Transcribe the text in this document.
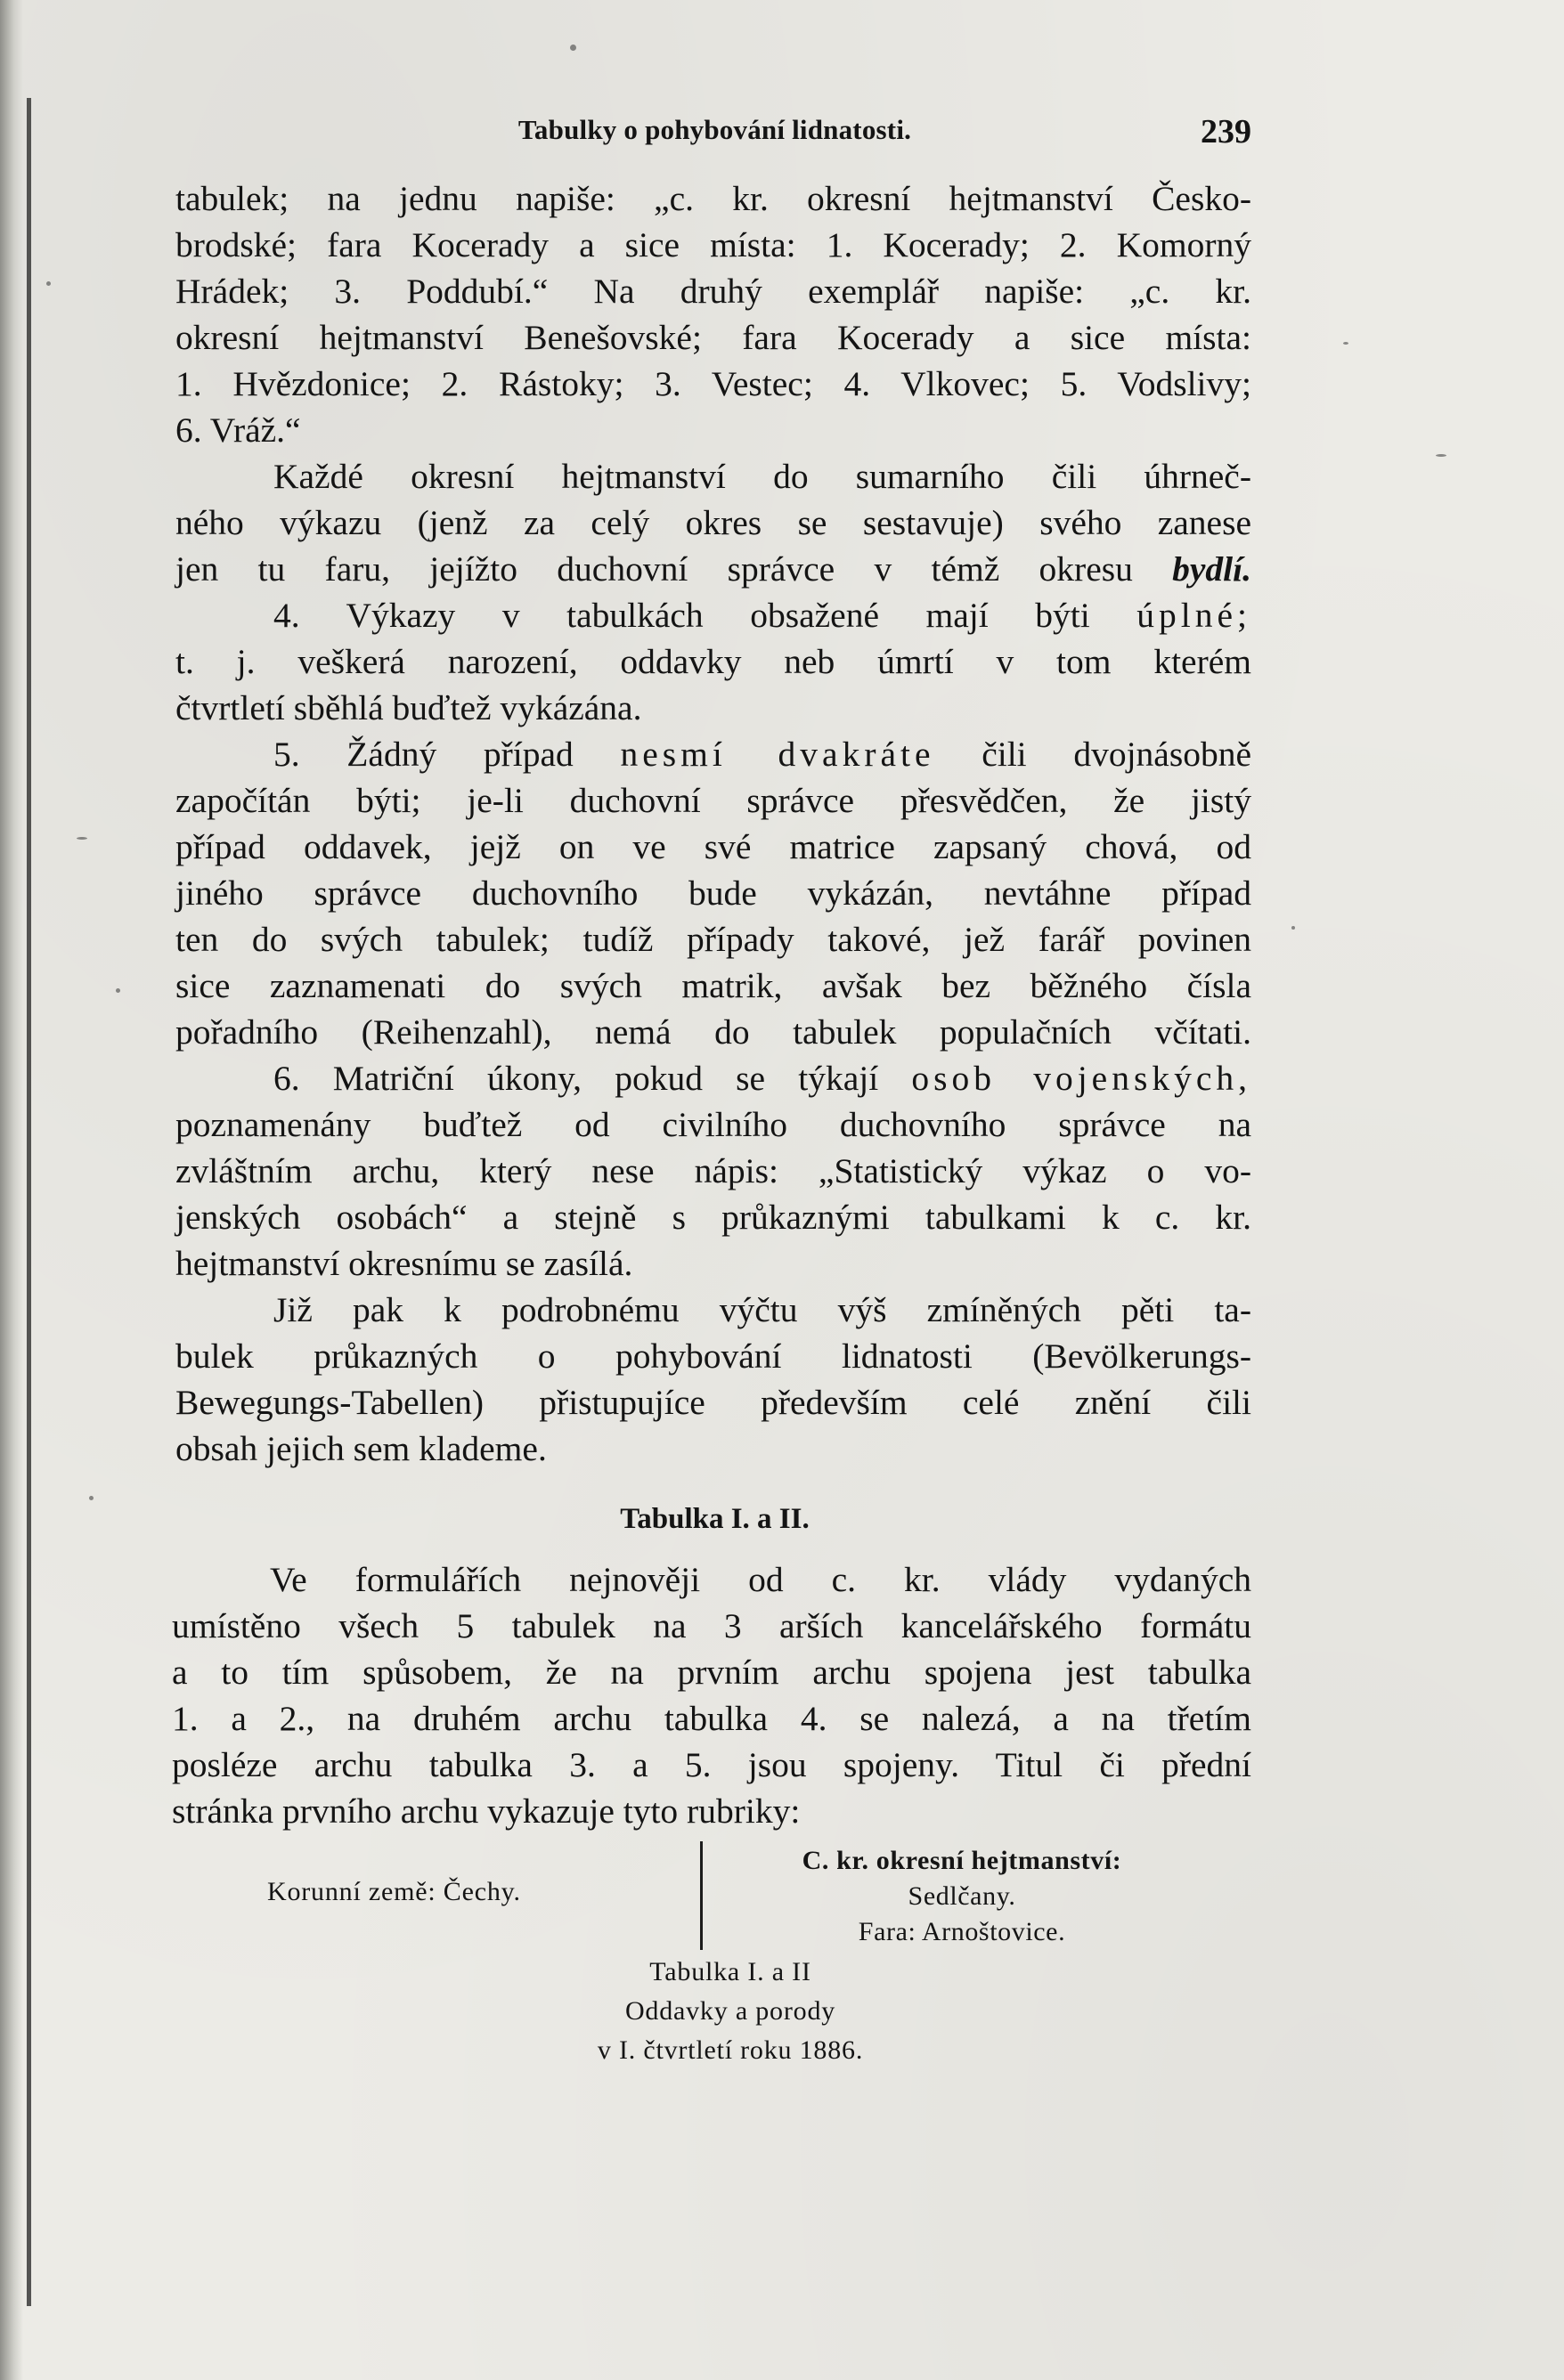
Tabulky o pohybování lidnatosti.	239
tabulek; na jednu napiše: „c. kr. okresní hejtmanství Česko-
brodské; fara Kocerady a sice místa: 1. Kocerady; 2. Komorný
Hrádek; 3. Poddubí.“ Na druhý exemplář napiše: „c. kr.
okresní hejtmanství Benešovské; fara Kocerady a sice místa:
1. Hvězdonice; 2. Rástoky; 3. Vestec; 4. Vlkovec; 5. Vodslivy;
6. Vráž.“
Každé okresní hejtmanství do sumarního čili úhrneč-
ného výkazu (jenž za celý okres se sestavuje) svého zanese
jen tu faru, jejížto duchovní správce v témž okresu bydlí.
4. Výkazy v tabulkách obsažené mají býti úplné;
t. j. veškerá narození, oddavky neb úmrtí v tom kterém
čtvrtletí sběhlá buďtež vykázána.
5. Žádný případ nesmí dvakráte čili dvojnásobně
započítán býti; je-li duchovní správce přesvědčen, že jistý
případ oddavek, jejž on ve své matrice zapsaný chová, od
jiného správce duchovního bude vykázán, nevtáhne případ
ten do svých tabulek; tudíž případy takové, jež farář povinen
sice zaznamenati do svých matrik, avšak bez běžného čísla
pořadního (Reihenzahl), nemá do tabulek populačních včítati.
6. Matriční úkony, pokud se týkají osob vojenských,
poznamenány buďtež od civilního duchovního správce na
zvláštním archu, který nese nápis: „Statistický výkaz o vo-
jenských osobách“ a stejně s průkaznými tabulkami k c. kr.
hejtmanství okresnímu se zasílá.
Již pak k podrobnému výčtu výš zmíněných pěti ta-
bulek průkazných o pohybování lidnatosti (Bevölkerungs-
Bewegungs-Tabellen) přistupujíce především celé znění čili
obsah jejich sem klademe.
Tabulka I. a II.
Ve formulářích nejnověji od c. kr. vlády vydaných
umístěno všech 5 tabulek na 3 arších kancelářského formátu
a to tím spůsobem, že na prvním archu spojena jest tabulka
1. a 2., na druhém archu tabulka 4. se nalezá, a na třetím
posléze archu tabulka 3. a 5. jsou spojeny. Titul či přední
stránka prvního archu vykazuje tyto rubriky:
Korunní země: Čechy.
C. kr. okresní hejtmanství:
Sedlčany.
Fara: Arnoštovice.
Tabulka I. a II
Oddavky a porody
v I. čtvrtletí roku 1886.
